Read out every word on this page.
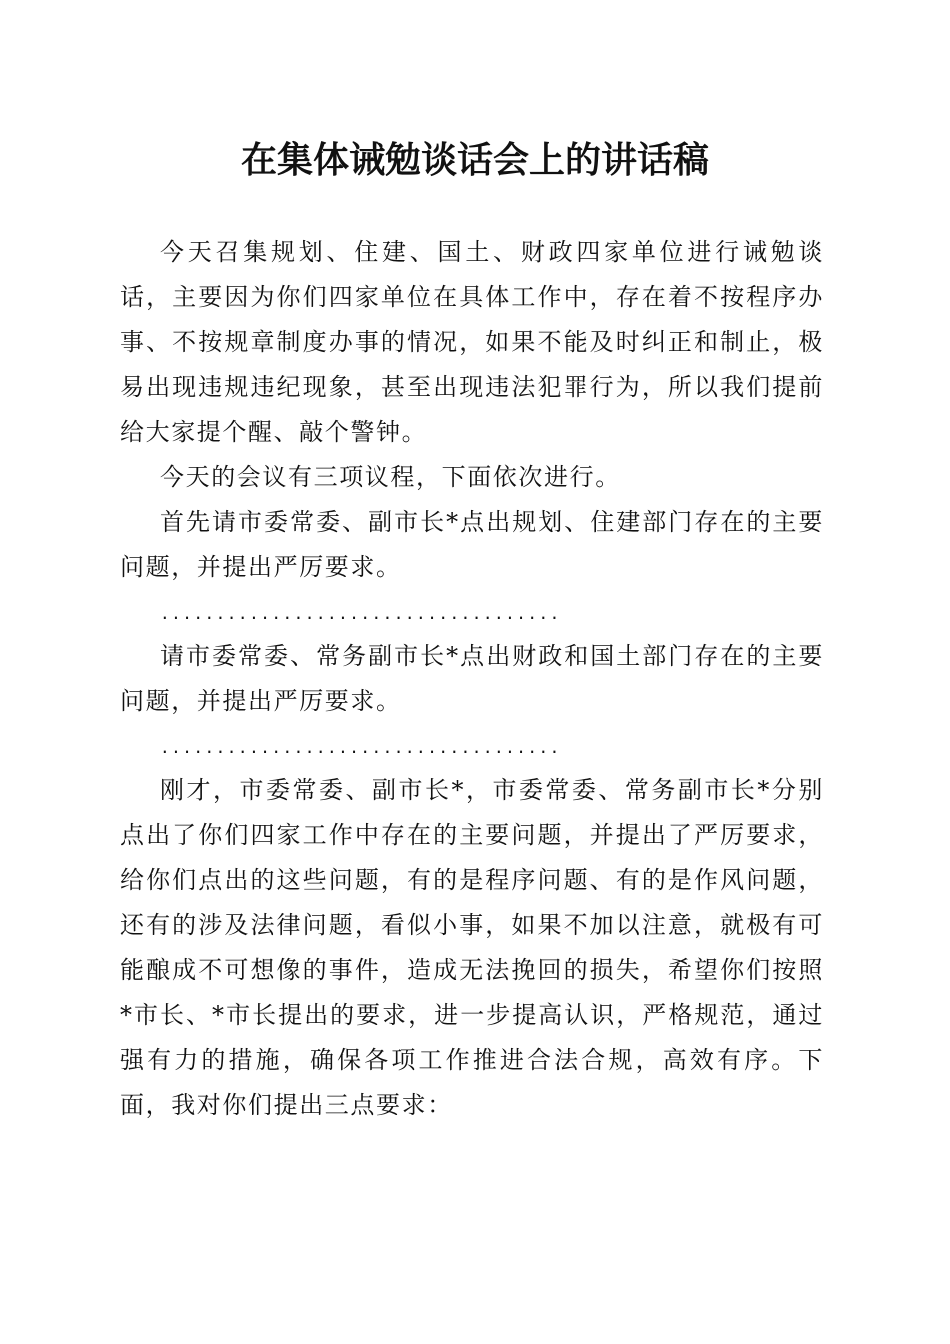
在集体诫勉谈话会上的讲话稿

今天召集规划、住建、国土、财政四家单位进行诫勉谈话，主要因为你们四家单位在具体工作中，存在着不按程序办事、不按规章制度办事的情况，如果不能及时纠正和制止，极易出现违规违纪现象，甚至出现违法犯罪行为，所以我们提前给大家提个醒、敲个警钟。

今天的会议有三项议程，下面依次进行。

首先请市委常委、副市长*点出规划、住建部门存在的主要问题，并提出严厉要求。

....................................

请市委常委、常务副市长*点出财政和国土部门存在的主要问题，并提出严厉要求。

....................................

刚才，市委常委、副市长*，市委常委、常务副市长*分别点出了你们四家工作中存在的主要问题，并提出了严厉要求，给你们点出的这些问题，有的是程序问题、有的是作风问题，还有的涉及法律问题，看似小事，如果不加以注意，就极有可能酿成不可想像的事件，造成无法挽回的损失，希望你们按照*市长、*市长提出的要求，进一步提高认识，严格规范，通过强有力的措施，确保各项工作推进合法合规，高效有序。下面，我对你们提出三点要求：
